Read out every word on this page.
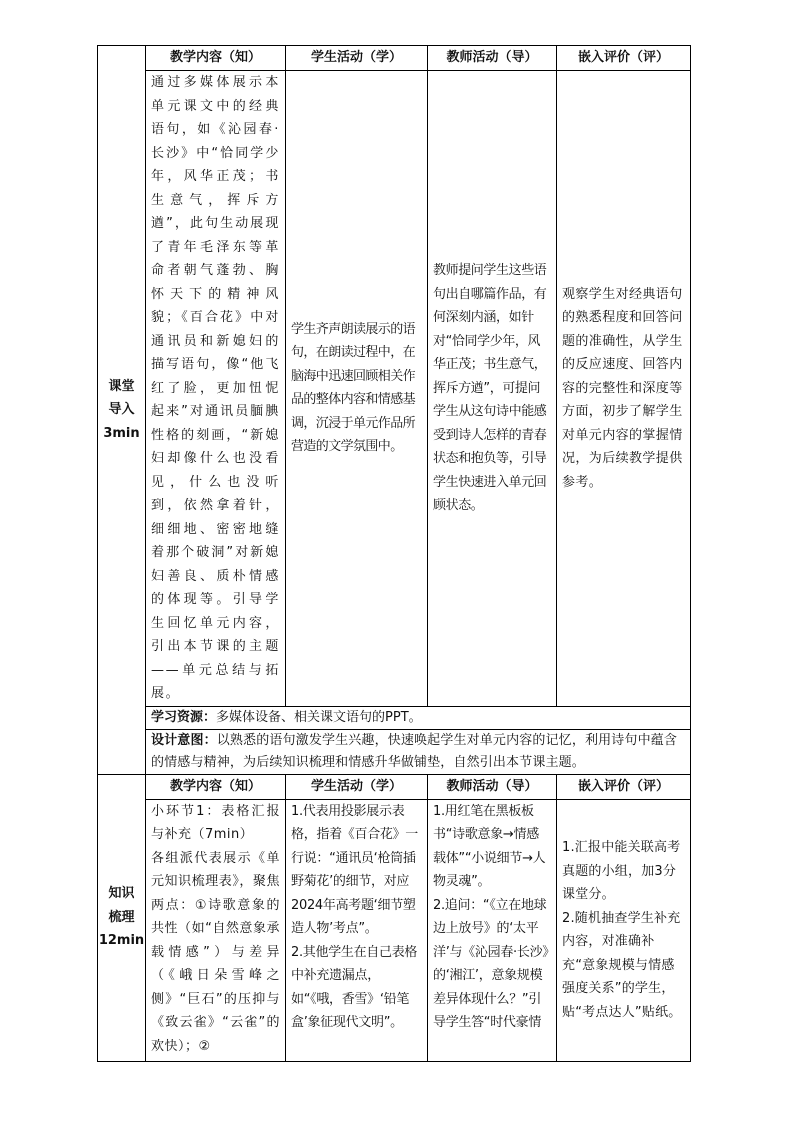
课堂
导入
3min	教学内容（知）	学生活动（学）	教师活动（导）	嵌入评价（评）
	通过多媒体展示本单元课文中的经典语句，如《沁园春·长沙》中“恰同学少年，风华正茂；书生意气，挥斥方遒”，此句生动展现了青年毛泽东等革命者朝气蓬勃、胸怀天下的精神风貌；《百合花》中对通讯员和新媳妇的描写语句，像“他飞红了脸，更加忸怩起来”对通讯员腼腆性格的刻画，“新媳妇却像什么也没看见，什么也没听到，依然拿着针，细细地、密密地缝着那个破洞”对新媳妇善良、质朴情感的体现等。引导学生回忆单元内容，引出本节课的主题——单元总结与拓展。	学生齐声朗读展示的语句，在朗读过程中，在脑海中迅速回顾相关作品的整体内容和情感基调，沉浸于单元作品所营造的文学氛围中。	教师提问学生这些语句出自哪篇作品，有何深刻内涵，如针对“恰同学少年，风华正茂；书生意气，挥斥方遒”，可提问学生从这句诗中能感受到诗人怎样的青春状态和抱负等，引导学生快速进入单元回顾状态。	观察学生对经典语句的熟悉程度和回答问题的准确性，从学生的反应速度、回答内容的完整性和深度等方面，初步了解学生对单元内容的掌握情况，为后续教学提供参考。
	学习资源：多媒体设备、相关课文语句的PPT。			
	设计意图：以熟悉的语句激发学生兴趣，快速唤起学生对单元内容的记忆，利用诗句中蕴含的情感与精神，为后续知识梳理和情感升华做铺垫，自然引出本节课主题。			

知识
梳理
12min	教学内容（知）	学生活动（学）	教师活动（导）	嵌入评价（评）
	小环节1：表格汇报与补充（7min）
各组派代表展示《单元知识梳理表》，聚焦两点：①诗歌意象的共性（如“自然意象承载情感”）与差异（《峨日朵雪峰之侧》“巨石”的压抑与《致云雀》“云雀”的欢快）；②	1.代表用投影展示表格，指着《百合花》一行说：“通讯员‘枪筒插野菊花’的细节，对应2024年高考题‘细节塑造人物’考点”。
2.其他学生在自己表格中补充遗漏点，如“《哦，香雪》‘铅笔盒’象征现代文明”。	1.用红笔在黑板板书“诗歌意象→情感载体”“小说细节→人物灵魂”。
2.追问：“《立在地球边上放号》的‘太平洋’与《沁园春·长沙》的‘湘江’，意象规模差异体现什么？”引导学生答“时代豪情	1.汇报中能关联高考真题的小组，加3分课堂分。
2.随机抽查学生补充内容，对准确补充“意象规模与情感强度关系”的学生，贴“考点达人”贴纸。
